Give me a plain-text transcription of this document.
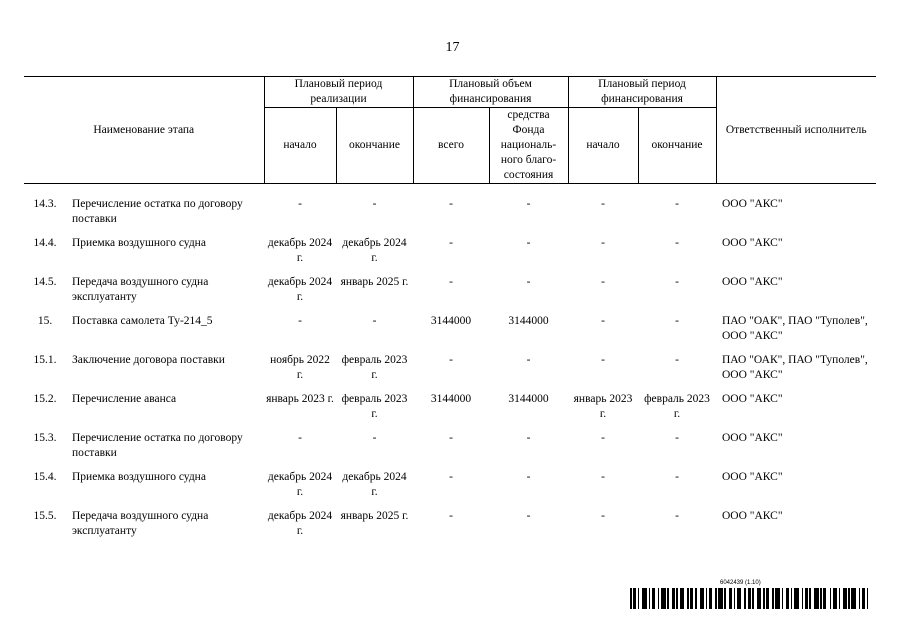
17
Наименование этапа	Плановый период реализации		Плановый объем финансирования		Плановый период финансирования		Ответственный исполнитель
	начало	окончание	всего	средства Фонда националь-ного благо-состояния	начало	окончание	
14.3.	Перечисление остатка по договору поставки	-	-	-	-	-	-	ООО "АКС"
14.4.	Приемка воздушного судна	декабрь 2024 г.	декабрь 2024 г.	-	-	-	-	ООО "АКС"
14.5.	Передача воздушного судна эксплуатанту	декабрь 2024 г.	январь 2025 г.	-	-	-	-	ООО "АКС"
15.	Поставка самолета Ту-214_5	-	-	3144000	3144000	-	-	ПАО "ОАК", ПАО "Туполев", ООО "АКС"
15.1.	Заключение договора поставки	ноябрь 2022 г.	февраль 2023 г.	-	-	-	-	ПАО "ОАК", ПАО "Туполев", ООО "АКС"
15.2.	Перечисление аванса	январь 2023 г.	февраль 2023 г.	3144000	3144000	январь 2023 г.	февраль 2023 г.	ООО "АКС"
15.3.	Перечисление остатка по договору поставки	-	-	-	-	-	-	ООО "АКС"
15.4.	Приемка воздушного судна	декабрь 2024 г.	декабрь 2024 г.	-	-	-	-	ООО "АКС"
15.5.	Передача воздушного судна эксплуатанту	декабрь 2024 г.	январь 2025 г.	-	-	-	-	ООО "АКС"
6042439 (1.10)
